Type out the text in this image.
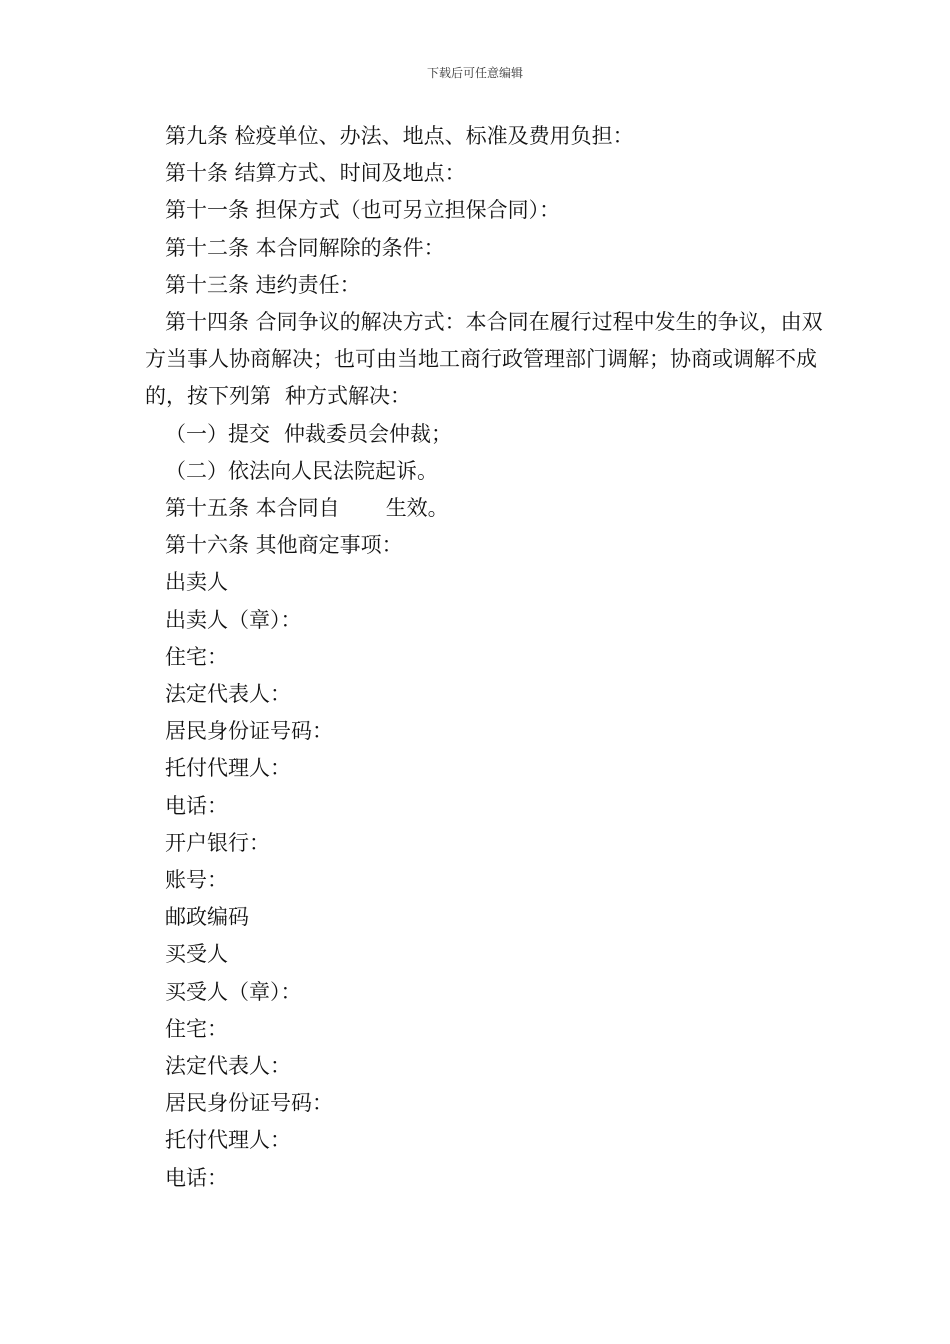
下载后可任意编辑

第九条 检疫单位、办法、地点、标准及费用负担：

第十条 结算方式、时间及地点：

第十一条 担保方式（也可另立担保合同）：

第十二条 本合同解除的条件：

第十三条 违约责任：

第十四条 合同争议的解决方式：本合同在履行过程中发生的争议，由双方当事人协商解决；也可由当地工商行政管理部门调解；协商或调解不成的，按下列第 种方式解决：

（一）提交 仲裁委员会仲裁；

（二）依法向人民法院起诉。

第十五条 本合同自 生效。

第十六条 其他商定事项：

出卖人

出卖人（章）：

住宅：

法定代表人：

居民身份证号码：

托付代理人：

电话：

开户银行：

账号：

邮政编码

买受人

买受人（章）：

住宅：

法定代表人：

居民身份证号码：

托付代理人：

电话：
